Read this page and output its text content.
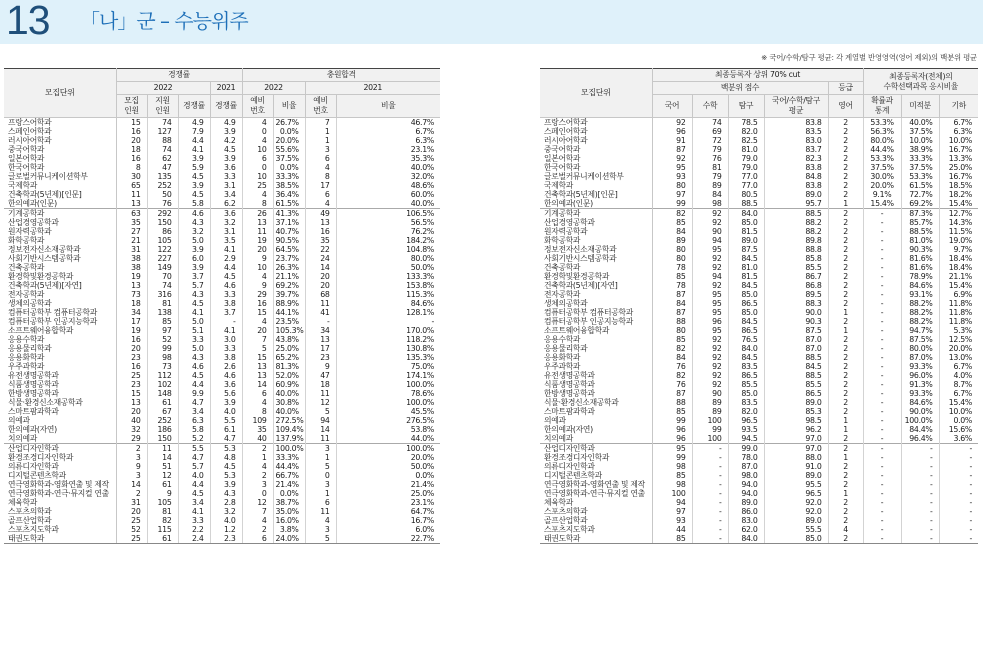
13 「나」군 – 수능위주
※ 국어/수학/탐구 평균: 각 계열별 반영영역(영어 제외)의 백분위 평균
모집단위	경쟁률				충원합격			
	2022			2021	2022		2021	
	모집
인원	지원
인원	경쟁률	경쟁률	예비
번호	비율	예비
번호	비율
프랑스어학과	15	74	4.9	4.9	4	26.7%	7	46.7%
스페인어학과	16	127	7.9	3.9	0	0.0%	1	6.7%
러시아어학과	20	88	4.4	4.2	4	20.0%	1	6.3%
중국어학과	18	74	4.1	4.5	10	55.6%	3	23.1%
일본어학과	16	62	3.9	3.9	6	37.5%	6	35.3%
한국어학과	8	47	5.9	3.6	0	0.0%	4	40.0%
글로벌커뮤니케이션학부	30	135	4.5	3.3	10	33.3%	8	32.0%
국제학과	65	252	3.9	3.1	25	38.5%	17	48.6%
건축학과(5년제)[인문]	11	50	4.5	3.4	4	36.4%	6	60.0%
한의예과(인문)	13	76	5.8	6.2	8	61.5%	4	40.0%
기계공학과	63	292	4.6	3.6	26	41.3%	49	106.5%
산업경영공학과	35	150	4.3	3.2	13	37.1%	13	56.5%
원자력공학과	27	86	3.2	3.1	11	40.7%	16	76.2%
화학공학과	21	105	5.0	3.5	19	90.5%	35	184.2%
정보전자신소재공학과	31	122	3.9	4.1	20	64.5%	22	104.8%
사회기반시스템공학과	38	227	6.0	2.9	9	23.7%	24	80.0%
건축공학과	38	149	3.9	4.4	10	26.3%	14	50.0%
환경학및환경공학과	19	70	3.7	4.5	4	21.1%	20	133.3%
건축학과(5년제)[자연]	13	74	5.7	4.6	9	69.2%	20	153.8%
전자공학과	73	316	4.3	3.3	29	39.7%	68	115.3%
생체의공학과	18	81	4.5	3.8	16	88.9%	11	84.6%
컴퓨터공학부 컴퓨터공학과	34	138	4.1	3.7	15	44.1%	41	128.1%
컴퓨터공학부 인공지능학과	17	85	5.0	-	4	23.5%	-	-
소프트웨어융합학과	19	97	5.1	4.1	20	105.3%	34	170.0%
응용수학과	16	52	3.3	3.0	7	43.8%	13	118.2%
응용물리학과	20	99	5.0	3.3	5	25.0%	17	130.8%
응용화학과	23	98	4.3	3.8	15	65.2%	23	135.3%
우주과학과	16	73	4.6	2.6	13	81.3%	9	75.0%
유전생명공학과	25	112	4.5	4.6	13	52.0%	47	174.1%
식품생명공학과	23	102	4.4	3.6	14	60.9%	18	100.0%
한방생명공학과	15	148	9.9	5.6	6	40.0%	11	78.6%
식물·환경신소재공학과	13	61	4.7	3.9	4	30.8%	12	100.0%
스마트팜과학과	20	67	3.4	4.0	8	40.0%	5	45.5%
의예과	40	252	6.3	5.5	109	272.5%	94	276.5%
한의예과(자연)	32	186	5.8	6.1	35	109.4%	14	53.8%
치의예과	29	150	5.2	4.7	40	137.9%	11	44.0%
산업디자인학과	2	11	5.5	5.3	2	100.0%	3	100.0%
환경조경디자인학과	3	14	4.7	4.8	1	33.3%	1	20.0%
의류디자인학과	9	51	5.7	4.5	4	44.4%	5	50.0%
디지털콘텐츠학과	3	12	4.0	5.3	2	66.7%	0	0.0%
연극영화학과-영화연출 및 제작	14	61	4.4	3.9	3	21.4%	3	21.4%
연극영화학과-연극·뮤지컬 연출	2	9	4.5	4.3	0	0.0%	1	25.0%
체육학과	31	105	3.4	2.8	12	38.7%	6	23.1%
스포츠의학과	20	81	4.1	3.2	7	35.0%	11	64.7%
골프산업학과	25	82	3.3	4.0	4	16.0%	4	16.7%
스포츠지도학과	52	115	2.2	1.2	2	3.8%	3	6.0%
태권도학과	25	61	2.4	2.3	6	24.0%	5	22.7%
모집단위	최종등록자 상위 70% cut					최종등록자(전체)의
수학선택과목 응시비율		
	백분위 점수				등급			
	국어	수학	탐구	국어/수학/탐구
평균	영어	확률과
통계	미적분	기하
프랑스어학과	92	74	78.5	83.8	2	53.3%	40.0%	6.7%
스페인어학과	96	69	82.0	83.5	2	56.3%	37.5%	6.3%
러시아어학과	91	72	82.5	83.0	2	80.0%	10.0%	10.0%
중국어학과	87	79	81.0	83.7	2	44.4%	38.9%	16.7%
일본어학과	92	76	79.0	82.3	2	53.3%	33.3%	13.3%
한국어학과	95	81	79.0	83.8	2	37.5%	37.5%	25.0%
글로벌커뮤니케이션학부	93	79	77.0	84.8	2	30.0%	53.3%	16.7%
국제학과	80	89	77.0	83.8	2	20.0%	61.5%	18.5%
건축학과(5년제)[인문]	97	84	80.5	89.0	2	9.1%	72.7%	18.2%
한의예과(인문)	99	98	88.5	95.7	1	15.4%	69.2%	15.4%
기계공학과	82	92	84.0	88.5	2	-	87.3%	12.7%
산업경영공학과	85	92	85.0	88.2	2	-	85.7%	14.3%
원자력공학과	84	90	81.5	88.2	2	-	88.5%	11.5%
화학공학과	89	94	89.0	89.8	2	-	81.0%	19.0%
정보전자신소재공학과	80	95	87.5	88.8	2	-	90.3%	9.7%
사회기반시스템공학과	80	92	84.5	85.8	2	-	81.6%	18.4%
건축공학과	78	92	81.0	85.5	2	-	81.6%	18.4%
환경학및환경공학과	85	94	81.5	86.7	2	-	78.9%	21.1%
건축학과(5년제)[자연]	78	92	84.5	86.8	2	-	84.6%	15.4%
전자공학과	87	95	85.0	89.5	2	-	93.1%	6.9%
생체의공학과	84	95	86.5	88.3	2	-	88.2%	11.8%
컴퓨터공학부 컴퓨터공학과	87	95	85.0	90.0	1	-	88.2%	11.8%
컴퓨터공학부 인공지능학과	88	96	84.5	90.3	2	-	88.2%	11.8%
소프트웨어융합학과	80	95	86.5	87.5	1	-	94.7%	5.3%
응용수학과	85	92	76.5	87.0	2	-	87.5%	12.5%
응용물리학과	82	92	84.0	87.0	2	-	80.0%	20.0%
응용화학과	84	92	84.5	88.5	2	-	87.0%	13.0%
우주과학과	76	92	83.5	84.5	2	-	93.3%	6.7%
유전생명공학과	82	92	86.5	88.5	2	-	96.0%	4.0%
식품생명공학과	76	92	85.5	85.5	2	-	91.3%	8.7%
한방생명공학과	87	90	85.0	86.5	2	-	93.3%	6.7%
식물·환경신소재공학과	88	89	83.5	89.0	2	-	84.6%	15.4%
스마트팜과학과	85	89	82.0	85.3	2	-	90.0%	10.0%
의예과	99	100	96.5	98.5	1	-	100.0%	0.0%
한의예과(자연)	96	99	93.5	96.2	1	-	84.4%	15.6%
치의예과	96	100	94.5	97.0	2	-	96.4%	3.6%
산업디자인학과	95	-	99.0	97.0	2	-	-	-
환경조경디자인학과	99	-	78.0	88.0	1	-	-	-
의류디자인학과	98	-	87.0	91.0	2	-	-	-
디지털콘텐츠학과	85	-	98.0	89.0	2	-	-	-
연극영화학과-영화연출 및 제작	98	-	94.0	95.5	2	-	-	-
연극영화학과-연극·뮤지컬 연출	100	-	94.0	96.5	1	-	-	-
체육학과	94	-	89.0	92.0	2	-	-	-
스포츠의학과	97	-	86.0	92.0	2	-	-	-
골프산업학과	93	-	83.0	89.0	2	-	-	-
스포츠지도학과	44	-	62.0	55.5	4	-	-	-
태권도학과	85	-	84.0	85.0	2	-	-	-
